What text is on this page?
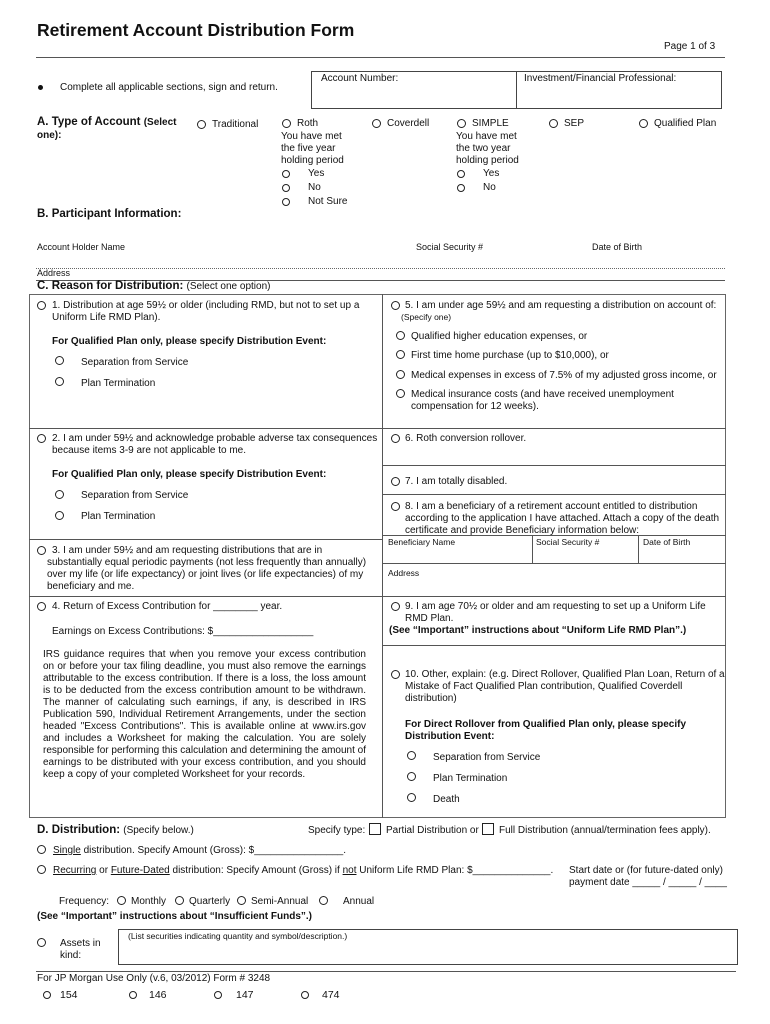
Retirement Account Distribution Form
Page 1 of 3
Complete all applicable sections, sign and return.
Account Number:	Investment/Financial Professional:
A. Type of Account (Select
one):
Traditional	Roth
You have met
the five year
holding period
Yes
No
Not Sure
Coverdell	SIMPLE
You have met
the two year
holding period
Yes
No
SEP	Qualified Plan
B. Participant Information:
Account Holder Name	Social Security #	Date of Birth
Address
C. Reason for Distribution: (Select one option)
1. Distribution at age 59½ or older (including RMD, but not to set up a
Uniform Life RMD Plan).
For Qualified Plan only, please specify Distribution Event:
Separation from Service
Plan Termination
2. I am under 59½ and acknowledge probable adverse tax consequences
because items 3-9 are not applicable to me.
For Qualified Plan only, please specify Distribution Event:
Separation from Service
Plan Termination
3. I am under 59½ and am requesting distributions that are in
substantially equal periodic payments (not less frequently than annually)
over my life (or life expectancy) or joint lives (or life expectancies) of my
beneficiary and me.
4. Return of Excess Contribution for ________ year.
Earnings on Excess Contributions: $__________________
IRS guidance requires that when you remove your excess contribution on or before your tax filing deadline, you must also remove the earnings attributable to the excess contribution. If there is a loss, the loss amount is to be deducted from the excess contribution amount to be withdrawn. The manner of calculating such earnings, if any, is described in IRS Publication 590, Individual Retirement Arrangements, under the section headed "Excess Contributions". This is available online at www.irs.gov and includes a Worksheet for making the calculation. You are solely responsible for performing this calculation and determining the amount of earnings to be distributed with your excess contribution, and you should keep a copy of your completed Worksheet for your records.
5. I am under age 59½ and am requesting a distribution on account of:
(Specify one)
Qualified higher education expenses, or
First time home purchase (up to $10,000), or
Medical expenses in excess of 7.5% of my adjusted gross income, or
Medical insurance costs (and have received unemployment
compensation for 12 weeks).
6. Roth conversion rollover.
7. I am totally disabled.
8. I am a beneficiary of a retirement account entitled to distribution
according to the application I have attached. Attach a copy of the death
certificate and provide Beneficiary information below:
Beneficiary Name	Social Security #	Date of Birth
Address
9. I am age 70½ or older and am requesting to set up a Uniform Life
RMD Plan.
(See “Important” instructions about “Uniform Life RMD Plan”.)
10. Other, explain: (e.g. Direct Rollover, Qualified Plan Loan, Return of a
Mistake of Fact Qualified Plan contribution, Qualified Coverdell
distribution)
For Direct Rollover from Qualified Plan only, please specify
Distribution Event:
Separation from Service
Plan Termination
Death
D. Distribution: (Specify below.)	Specify type: Partial Distribution or Full Distribution (annual/termination fees apply).
Single distribution. Specify Amount (Gross): $________________.
Recurring or Future-Dated distribution: Specify Amount (Gross) if not Uniform Life RMD Plan: $______________. Start date or (for future-dated only)
payment date _____ / _____ / ____
Frequency: Monthly Quarterly Semi-Annual	Annual
(See “Important” instructions about “Insufficient Funds”.)
Assets in
kind:
(List securities indicating quantity and symbol/description.)
For JP Morgan Use Only (v.6, 03/2012) Form # 3248
154	146	147	474
